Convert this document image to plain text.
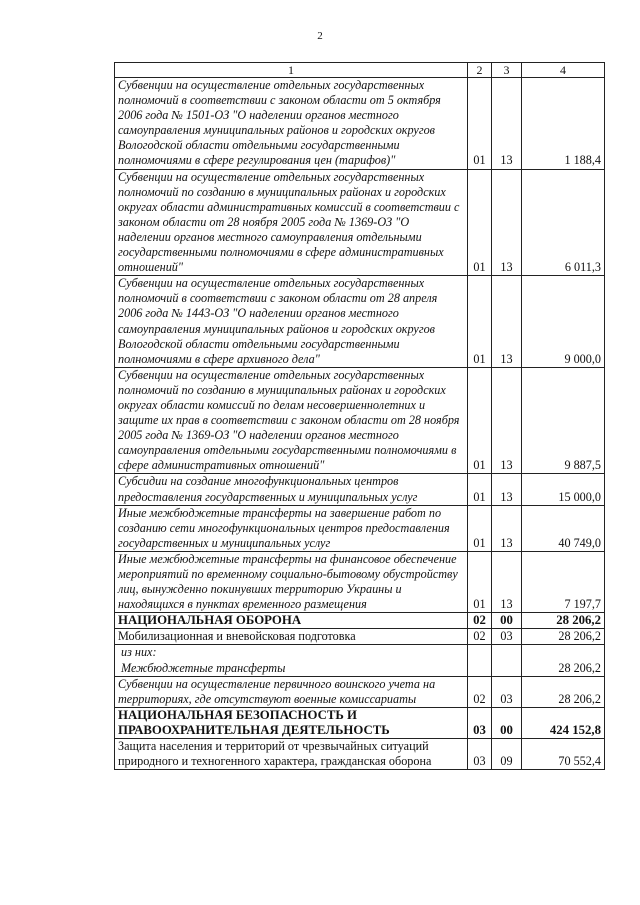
2
1	2	3	4
Субвенции на осуществление отдельных государственных полномочий в соответствии с законом области от 5 октября 2006 года № 1501-ОЗ "О наделении органов местного самоуправления муниципальных районов и городских округов Вологодской области отдельными государственными полномочиями в сфере регулирования цен (тарифов)"	01	13	1 188,4
Субвенции на осуществление отдельных государственных полномочий по созданию в муниципальных районах и городских округах области административных комиссий в соответствии с законом области от 28 ноября 2005 года № 1369-ОЗ "О наделении органов местного самоуправления отдельными государственными полномочиями в сфере административных отношений"	01	13	6 011,3
Субвенции на осуществление отдельных государственных полномочий в соответствии с законом области от 28 апреля 2006 года № 1443-ОЗ "О наделении органов местного самоуправления муниципальных районов и городских округов Вологодской области отдельными государственными полномочиями в сфере архивного дела"	01	13	9 000,0
Субвенции на осуществление отдельных государственных полномочий по созданию в муниципальных районах и городских округах области комиссий по делам несовершеннолетних и защите их прав в соответствии с законом области от 28 ноября 2005 года № 1369-ОЗ "О наделении органов местного самоуправления отдельными государственными полномочиями в сфере административных отношений"	01	13	9 887,5
Субсидии на создание многофункциональных центров предоставления государственных и муниципальных услуг	01	13	15 000,0
Иные межбюджетные трансферты на завершение работ по созданию сети многофункциональных центров предоставления государственных и муниципальных услуг	01	13	40 749,0
Иные межбюджетные трансферты на финансовое обеспечение мероприятий по временному социально-бытовому обустройству лиц, вынужденно покинувших территорию Украины и находящихся в пунктах временного размещения	01	13	7 197,7
НАЦИОНАЛЬНАЯ ОБОРОНА	02	00	28 206,2
Мобилизационная и вневойсковая подготовка	02	03	28 206,2

из них:
Межбюджетные трансферты			28 206,2
Субвенции на осуществление первичного воинского учета на территориях, где отсутствуют военные комиссариаты	02	03	28 206,2
НАЦИОНАЛЬНАЯ БЕЗОПАСНОСТЬ И ПРАВООХРАНИТЕЛЬНАЯ ДЕЯТЕЛЬНОСТЬ	03	00	424 152,8
Защита населения и территорий от чрезвычайных ситуаций природного и техногенного характера, гражданская оборона	03	09	70 552,4
